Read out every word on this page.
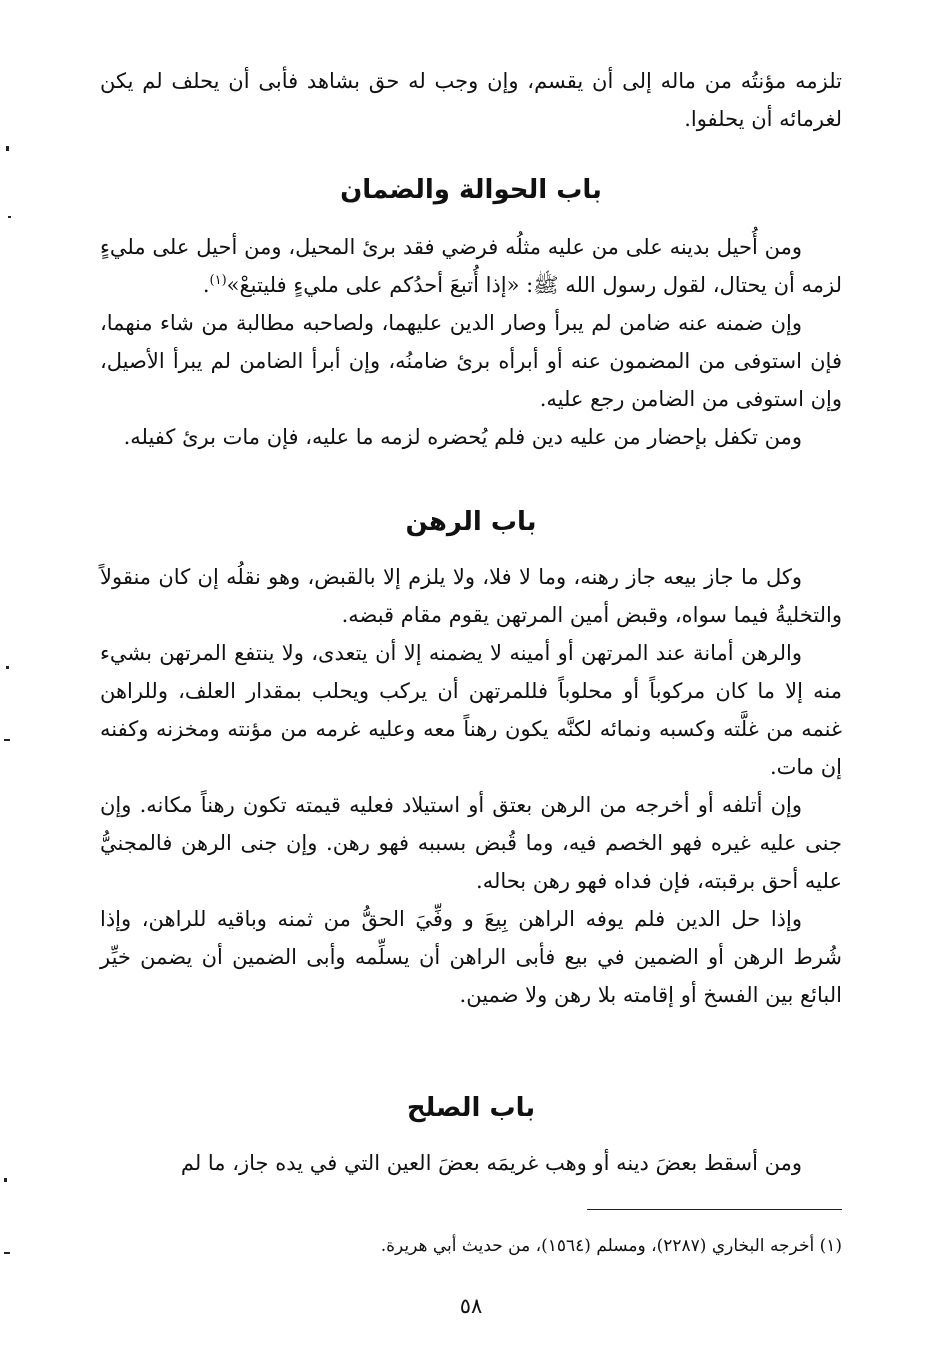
تلزمه مؤنتُه من ماله إلى أن يقسم، وإن وجب له حق بشاهد فأبى أن يحلف لم يكن لغرمائه أن يحلفوا.

باب الحوالة والضمان

ومن أُحيل بدينه على من عليه مثلُه فرضي فقد برئ المحيل، ومن أحيل على مليءٍ لزمه أن يحتال، لقول رسول الله ﷺ: «إذا أُتبعَ أحدُكم على مليءٍ فليتبعْ»$^{(١)}$.

وإن ضمنه عنه ضامن لم يبرأ وصار الدين عليهما، ولصاحبه مطالبة من شاء منهما، فإن استوفى من المضمون عنه أو أبرأه برئ ضامنُه، وإن أبرأ الضامن لم يبرأ الأصيل، وإن استوفى من الضامن رجع عليه.

ومن تكفل بإحضار من عليه دين فلم يُحضره لزمه ما عليه، فإن مات برئ كفيله.

باب الرهن

وكل ما جاز بيعه جاز رهنه، وما لا فلا، ولا يلزم إلا بالقبض، وهو نقلُه إن كان منقولاً والتخليةُ فيما سواه، وقبض أمين المرتهن يقوم مقام قبضه.

والرهن أمانة عند المرتهن أو أمينه لا يضمنه إلا أن يتعدى، ولا ينتفع المرتهن بشيء منه إلا ما كان مركوباً أو محلوباً فللمرتهن أن يركب ويحلب بمقدار العلف، وللراهن غنمه من غلَّته وكسبه ونمائه لكنَّه يكون رهناً معه وعليه غرمه من مؤنته ومخزنه وكفنه إن مات.

وإن أتلفه أو أخرجه من الرهن بعتق أو استيلاد فعليه قيمته تكون رهناً مكانه. وإن جنى عليه غيره فهو الخصم فيه، وما قُبض بسببه فهو رهن. وإن جنى الرهن فالمجنيُّ عليه أحق برقبته، فإن فداه فهو رهن بحاله.

وإذا حل الدين فلم يوفه الراهن بِيعَ و وفِّيَ الحقُّ من ثمنه وباقيه للراهن، وإذا شُرط الرهن أو الضمين في بيع فأبى الراهن أن يسلِّمه وأبى الضمين أن يضمن خيِّر البائع بين الفسخ أو إقامته بلا رهن ولا ضمين.

باب الصلح

ومن أسقط بعضَ دينه أو وهب غريمَه بعضَ العين التي في يده جاز، ما لم

(١) أخرجه البخاري (٢٢٨٧)، ومسلم (١٥٦٤)، من حديث أبي هريرة.

٥٨
